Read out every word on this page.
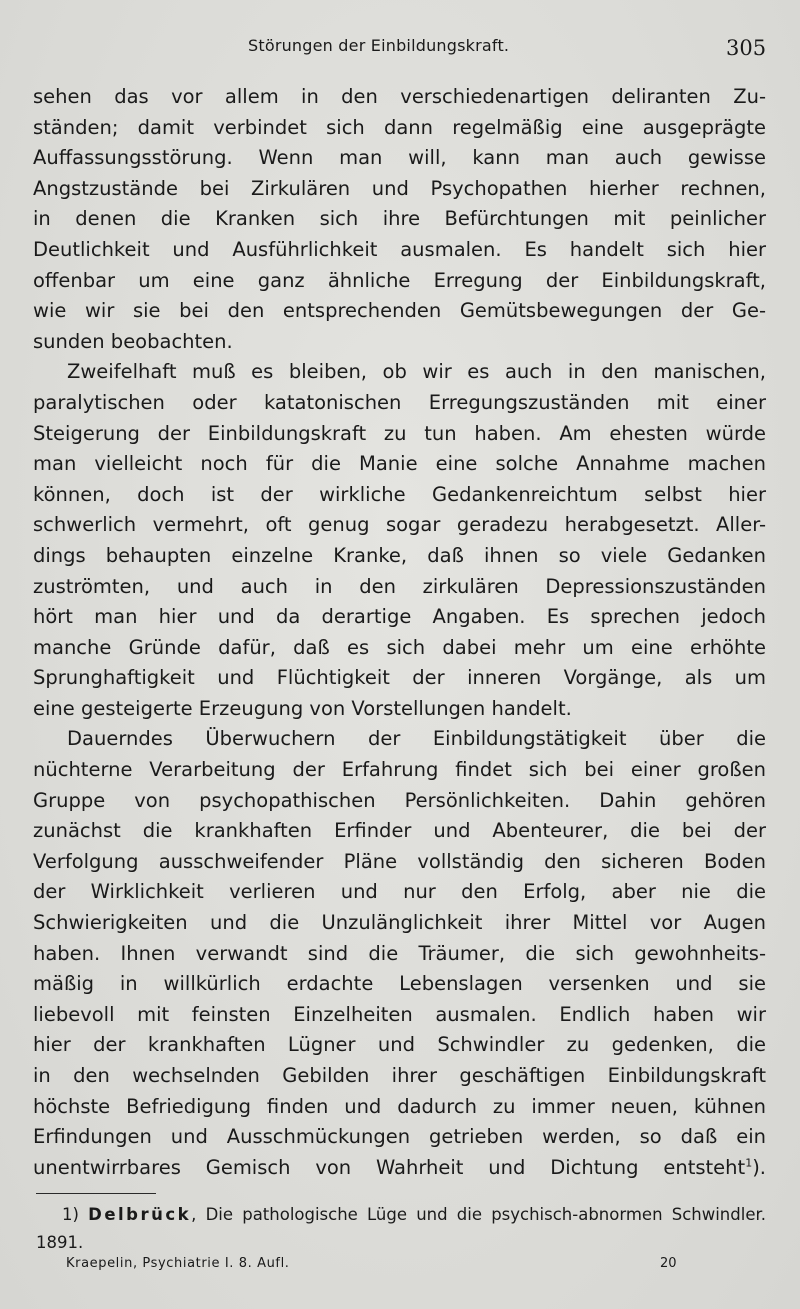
Störungen der Einbildungskraft.	305

sehen das vor allem in den verschiedenartigen deliranten Zu-
ständen; damit verbindet sich dann regelmäßig eine ausgeprägte
Auffassungsstörung. Wenn man will, kann man auch gewisse
Angstzustände bei Zirkulären und Psychopathen hierher rechnen,
in denen die Kranken sich ihre Befürchtungen mit peinlicher
Deutlichkeit und Ausführlichkeit ausmalen. Es handelt sich hier
offenbar um eine ganz ähnliche Erregung der Einbildungskraft,
wie wir sie bei den entsprechenden Gemütsbewegungen der Ge-
sunden beobachten.

Zweifelhaft muß es bleiben, ob wir es auch in den manischen,
paralytischen oder katatonischen Erregungszuständen mit einer
Steigerung der Einbildungskraft zu tun haben. Am ehesten würde
man vielleicht noch für die Manie eine solche Annahme machen
können, doch ist der wirkliche Gedankenreichtum selbst hier
schwerlich vermehrt, oft genug sogar geradezu herabgesetzt. Aller-
dings behaupten einzelne Kranke, daß ihnen so viele Gedanken
zuströmten, und auch in den zirkulären Depressionszuständen
hört man hier und da derartige Angaben. Es sprechen jedoch
manche Gründe dafür, daß es sich dabei mehr um eine erhöhte
Sprunghaftigkeit und Flüchtigkeit der inneren Vorgänge, als um
eine gesteigerte Erzeugung von Vorstellungen handelt.

Dauerndes Überwuchern der Einbildungstätigkeit über die
nüchterne Verarbeitung der Erfahrung findet sich bei einer großen
Gruppe von psychopathischen Persönlichkeiten. Dahin gehören
zunächst die krankhaften Erfinder und Abenteurer, die bei der
Verfolgung ausschweifender Pläne vollständig den sicheren Boden
der Wirklichkeit verlieren und nur den Erfolg, aber nie die
Schwierigkeiten und die Unzulänglichkeit ihrer Mittel vor Augen
haben. Ihnen verwandt sind die Träumer, die sich gewohnheits-
mäßig in willkürlich erdachte Lebenslagen versenken und sie
liebevoll mit feinsten Einzelheiten ausmalen. Endlich haben wir
hier der krankhaften Lügner und Schwindler zu gedenken, die
in den wechselnden Gebilden ihrer geschäftigen Einbildungskraft
höchste Befriedigung finden und dadurch zu immer neuen, kühnen
Erfindungen und Ausschmückungen getrieben werden, so daß ein
unentwirrbares Gemisch von Wahrheit und Dichtung entsteht$^1$).

1) Delbrück, Die pathologische Lüge und die psychisch-abnormen Schwindler.
1891.
Kraepelin, Psychiatrie I. 8. Aufl.	20
